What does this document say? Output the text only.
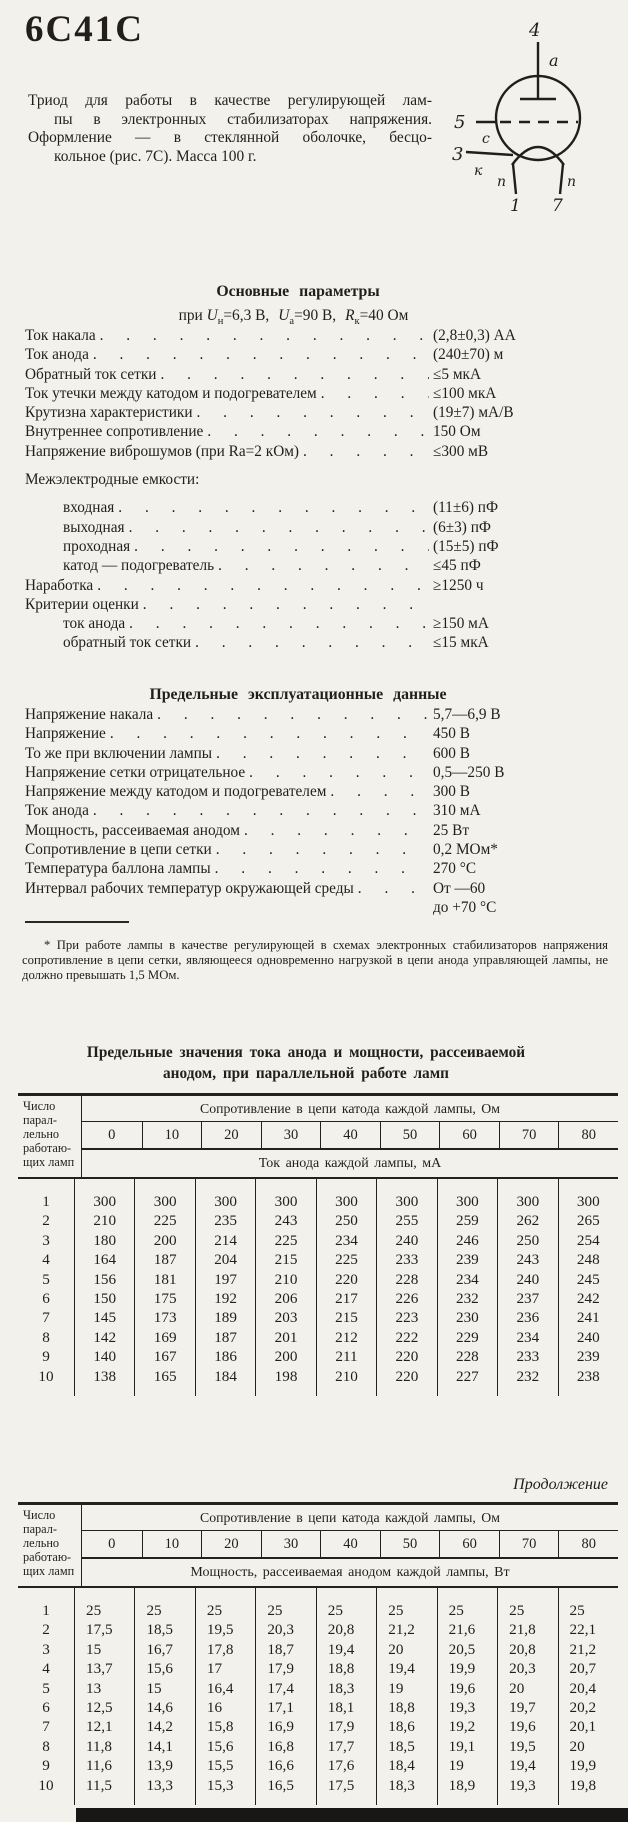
6С41С	4
a
5
с
3
к
п	п
1 7
Триод для работы в качестве регулирующей лам-
пы в электронных стабилизаторах напряжения.
Оформление — в стеклянной оболочке, бесцо-
кольное (рис. 7С). Масса 100 г.
Основные параметры
при $U_н=6,3$ В, $U_а=90$ В, $R_к=40$ Ом
Ток накала . . .	(2,8±0,3) АА
Ток анода . . .	(240±70) м
Обратный ток сетки . . .	≤5 мкА
Ток утечки между катодом и подогревателем . . .	≤100 мкА
Крутизна характеристики . . .	(19±7) мА/В
Внутреннее сопротивление . . .	150 Ом
Напряжение виброшумов (при Rа=2 кОм) . . .	≤300 мВ
Межэлектродные емкости:
входная . . .	(11±6) пФ
выходная . . .	(6±3) пФ
проходная . . .	(15±5) пФ
катод — подогреватель . . .	≤45 пФ
Наработка . . .	≥1250 ч
Критерии оценки
. . .
ток анода . . .	≥150 мА
обратный ток сетки . . .	≤15 мкА
Предельные эксплуатационные данные
Напряжение накала . . .	5,7—6,9 В
Напряжение . . .	450 В
То же при включении лампы . . .	600 В
Напряжение сетки отрицательное . . .	0,5—250 В
Напряжение между катодом и подогревателем . . .	300 В
Ток анода . . .	310 мА
Мощность, рассеиваемая анодом . . .	25 Вт
Сопротивление в цепи сетки . . .	0,2 МОм*
Температура баллона лампы . . .	270 °С
Интервал рабочих температур окружающей среды . . .	От —60
до +70 °С
* При работе лампы в качестве регулирующей в схемах электронных стабилизаторов напряжения сопротивление в цепи сетки, являющееся одновременно нагрузкой в цепи анода управляющей лампы, не должно превышать 1,5 МОм.
Предельные значения тока анода и мощности, рассеиваемой
анодом, при параллельной работе ламп
Число
парал-
лельно
работаю-
щих ламп
Сопротивление в цепи катода каждой лампы, Ом
0	10	20	30	40	50	60	70	80
Ток анода каждой лампы, мА
1	300	300	300	300	300	300	300	300	300
2	210	225	235	243	250	255	259	262	265
3	180	200	214	225	234	240	246	250	254
4	164	187	204	215	225	233	239	243	248
5	156	181	197	210	220	228	234	240	245
6	150	175	192	206	217	226	232	237	242
7	145	173	189	203	215	223	230	236	241
8	142	169	187	201	212	222	229	234	240
9	140	167	186	200	211	220	228	233	239
10	138	165	184	198	210	220	227	232	238
Продолжение
Число
парал-
лельно
работаю-
щих ламп
Сопротивление в цепи катода каждой лампы, Ом
0	10	20	30	40	50	60	70	80
Мощность, рассеиваемая анодом каждой лампы, Вт
1	25	25	25	25	25	25	25	25	25
2	17,5	18,5	19,5	20,3	20,8	21,2	21,6	21,8	22,1
3	15	16,7	17,8	18,7	19,4	20	20,5	20,8	21,2
4	13,7	15,6	17	17,9	18,8	19,4	19,9	20,3	20,7
5	13	15	16,4	17,4	18,3	19	19,6	20	20,4
6	12,5	14,6	16	17,1	18,1	18,8	19,3	19,7	20,2
7	12,1	14,2	15,8	16,9	17,9	18,6	19,2	19,6	20,1
8	11,8	14,1	15,6	16,8	17,7	18,5	19,1	19,5	20
9	11,6	13,9	15,5	16,6	17,6	18,4	19	19,4	19,9
10	11,5	13,3	15,3	16,5	17,5	18,3	18,9	19,3	19,8
